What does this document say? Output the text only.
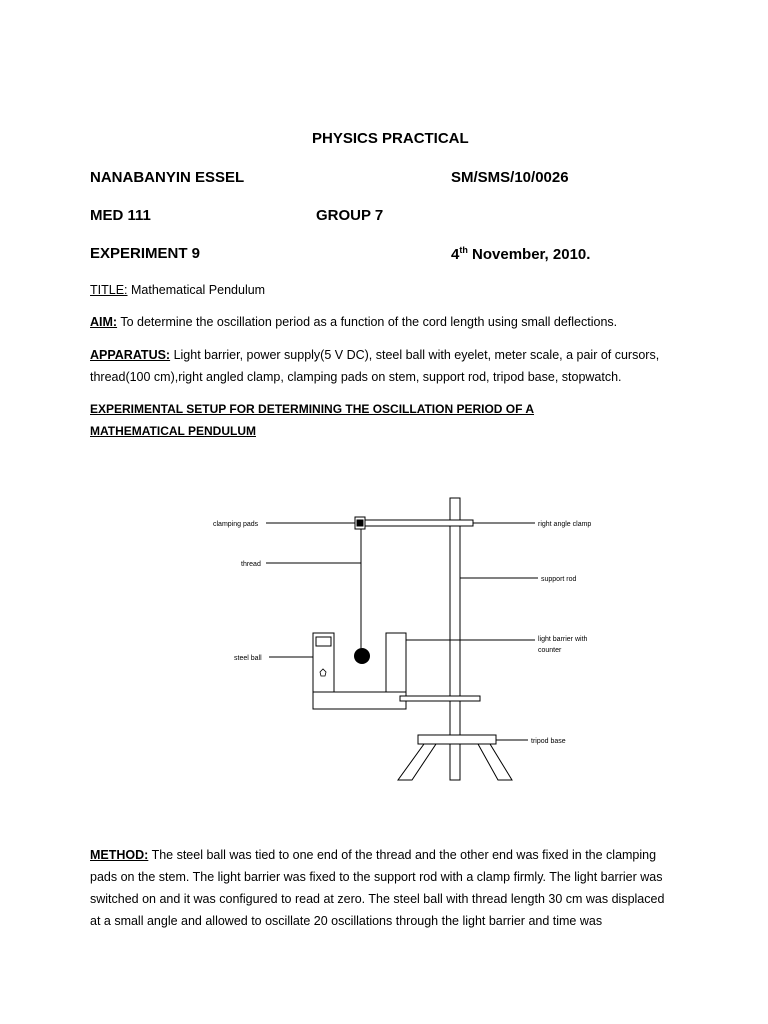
PHYSICS PRACTICAL
NANABANYIN ESSEL	SM/SMS/10/0026
MED 111	GROUP 7
EXPERIMENT 9	4th November, 2010.
TITLE: Mathematical Pendulum
AIM: To determine the oscillation period as a function of the cord length using small deflections.
APPARATUS: Light barrier, power supply(5 V DC), steel ball with eyelet, meter scale, a pair of cursors, thread(100 cm),right angled clamp, clamping pads on stem, support rod, tripod base, stopwatch.
EXPERIMENTAL SETUP FOR DETERMINING THE OSCILLATION PERIOD OF A MATHEMATICAL PENDULUM
clamping pads
thread
steel ball
right angle clamp
support rod
light barrier with
counter
tripod base
METHOD: The steel ball was tied to one end of the thread and the other end was fixed in the clamping pads on the stem. The light barrier was fixed to the support rod with a clamp firmly. The light barrier was switched on and it was configured to read at zero. The steel ball with thread length 30 cm was displaced at a small angle and allowed to oscillate 20 oscillations through the light barrier and time was
